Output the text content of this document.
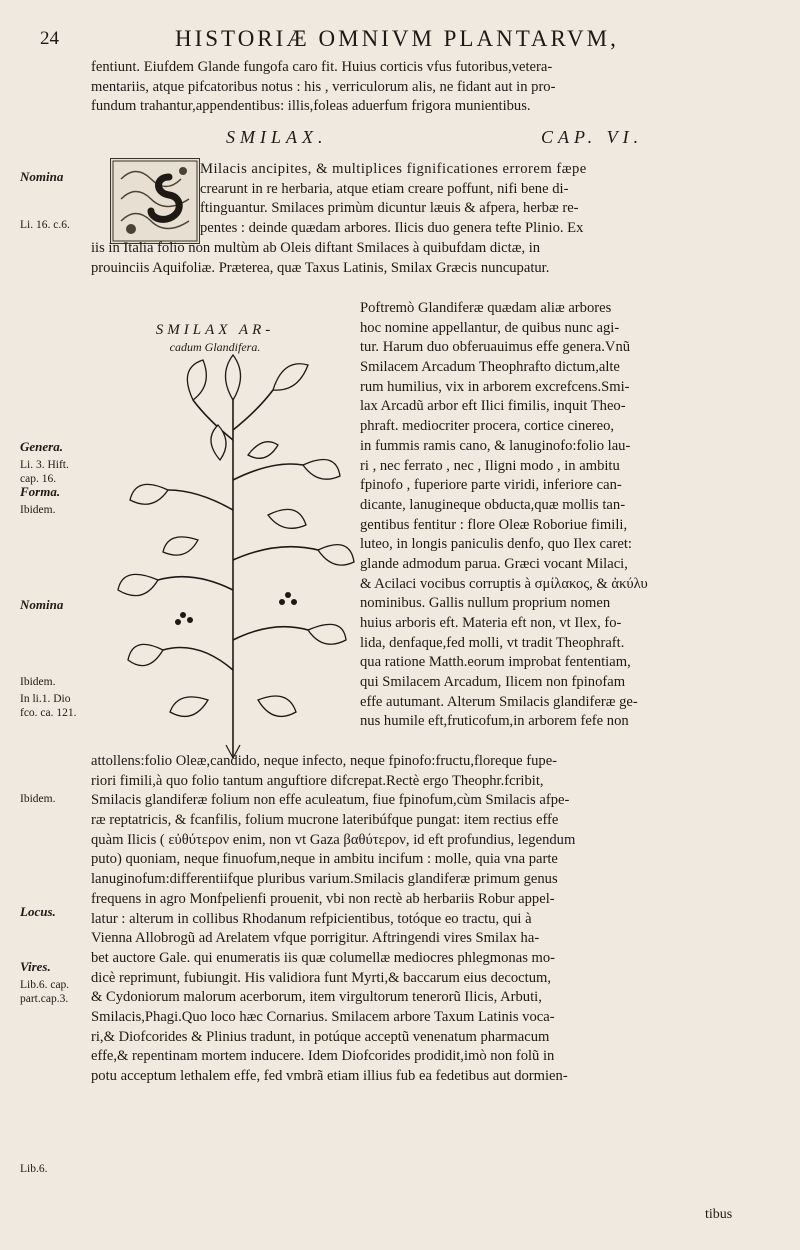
24	HISTORIÆ OMNIVM PLANTARVM,
fentiunt. Eiufdem Glande fungofa caro fit. Huius corticis vfus futoribus,vetera-
mentariis, atque pifcatoribus notus : his , verriculorum alis, ne fidant aut in pro-
fundum trahantur,appendentibus: illis,foleas aduerfum frigora munientibus.
SMILAX.	CAP. VI.
Milacis ancipites, & multiplices fignificationes errorem fæpe
crearunt in re herbaria, atque etiam creare poffunt, nifi bene di-
ftinguantur. Smilaces primùm dicuntur læuis & afpera, herbæ re-
pentes : deinde quædam arbores. Ilicis duo genera tefte Plinio. Ex
iis in Italia folio non multùm ab Oleis diftant Smilaces à quibufdam dictæ, in
prouinciis Aquifoliæ. Præterea, quæ Taxus Latinis, Smilax Græcis nuncupatur.
SMILAX AR-
cadum Glandifera.
Poftremò Glandiferæ quædam aliæ arbores
hoc nomine appellantur, de quibus nunc agi-
tur. Harum duo obferuauimus effe genera.Vnũ
Smilacem Arcadum Theophrafto dictum,alte
rum humilius, vix in arborem excrefcens.Smi-
lax Arcadũ arbor eft Ilici fimilis, inquit Theo-
phraft. mediocriter procera, cortice cinereo,
in fummis ramis cano, & lanuginofo:folio lau-
ri , nec ferrato , nec , Iligni modo , in ambitu
fpinofo , fuperiore parte viridi, inferiore can-
dicante, lanugineque obducta,quæ mollis tan-
gentibus fentitur : flore Oleæ Roboriue fimili,
luteo, in longis paniculis denfo, quo Ilex caret:
glande admodum parua. Græci vocant Milaci,
& Acilaci vocibus corruptis à σμίλακος, & ἀκύλυ
nominibus. Gallis nullum proprium nomen
huius arboris eft. Materia eft non, vt Ilex, fo-
lida, denfaque,fed molli, vt tradit Theophraft.
qua ratione Matth.eorum improbat fententiam,
qui Smilacem Arcadum, Ilicem non fpinofam
effe autumant. Alterum Smilacis glandiferæ ge-
nus humile eft,fruticofum,in arborem fefe non
attollens:folio Oleæ,candido, neque infecto, neque fpinofo:fructu,floreque fupe-
riori fimili,à quo folio tantum anguftiore difcrepat.Rectè ergo Theophr.fcribit,
Smilacis glandiferæ folium non effe aculeatum, fiue fpinofum,cùm Smilacis afpe-
ræ reptatricis, & fcanfilis, folium mucrone lateribúfque pungat: item rectius effe
quàm Ilicis ( εὐθύτερον enim, non vt Gaza βαθύτερον, id eft profundius, legendum
puto) quoniam, neque finuofum,neque in ambitu incifum : molle, quia vna parte
lanuginofum:differentiifque pluribus varium.Smilacis glandiferæ primum genus
frequens in agro Monfpelienfi prouenit, vbi non rectè ab herbariis Robur appel-
latur : alterum in collibus Rhodanum refpicientibus, totóque eo tractu, qui à
Vienna Allobrogũ ad Arelatem vfque porrigitur. Aftringendi vires Smilax ha-
bet auctore Gale. qui enumeratis iis quæ columellæ mediocres phlegmonas mo-
dicè reprimunt, fubiungit. His validiora funt Myrti,& baccarum eius decoctum,
& Cydoniorum malorum acerborum, item virgultorum tenerorũ Ilicis, Arbuti,
Smilacis,Phagi.Quo loco hæc Cornarius. Smilacem arbore Taxum Latinis voca-
ri,& Diofcorides & Plinius tradunt, in potúque acceptũ venenatum pharmacum
effe,& repentinam mortem inducere. Idem Diofcorides prodidit,imò non folũ in
potu acceptum lethalem effe, fed vmbrã etiam illius fub ea fedetibus aut dormien-
tibus
Nomina
Li. 16. c.6.
Genera.
Li. 3. Hift. cap. 16.
Forma.
Ibidem.
Nomina
Ibidem.
In li.1. Dio fco. ca. 121.
Ibidem.
Locus.
Vires.
Lib.6. cap. part.cap.3.
Lib.6.
